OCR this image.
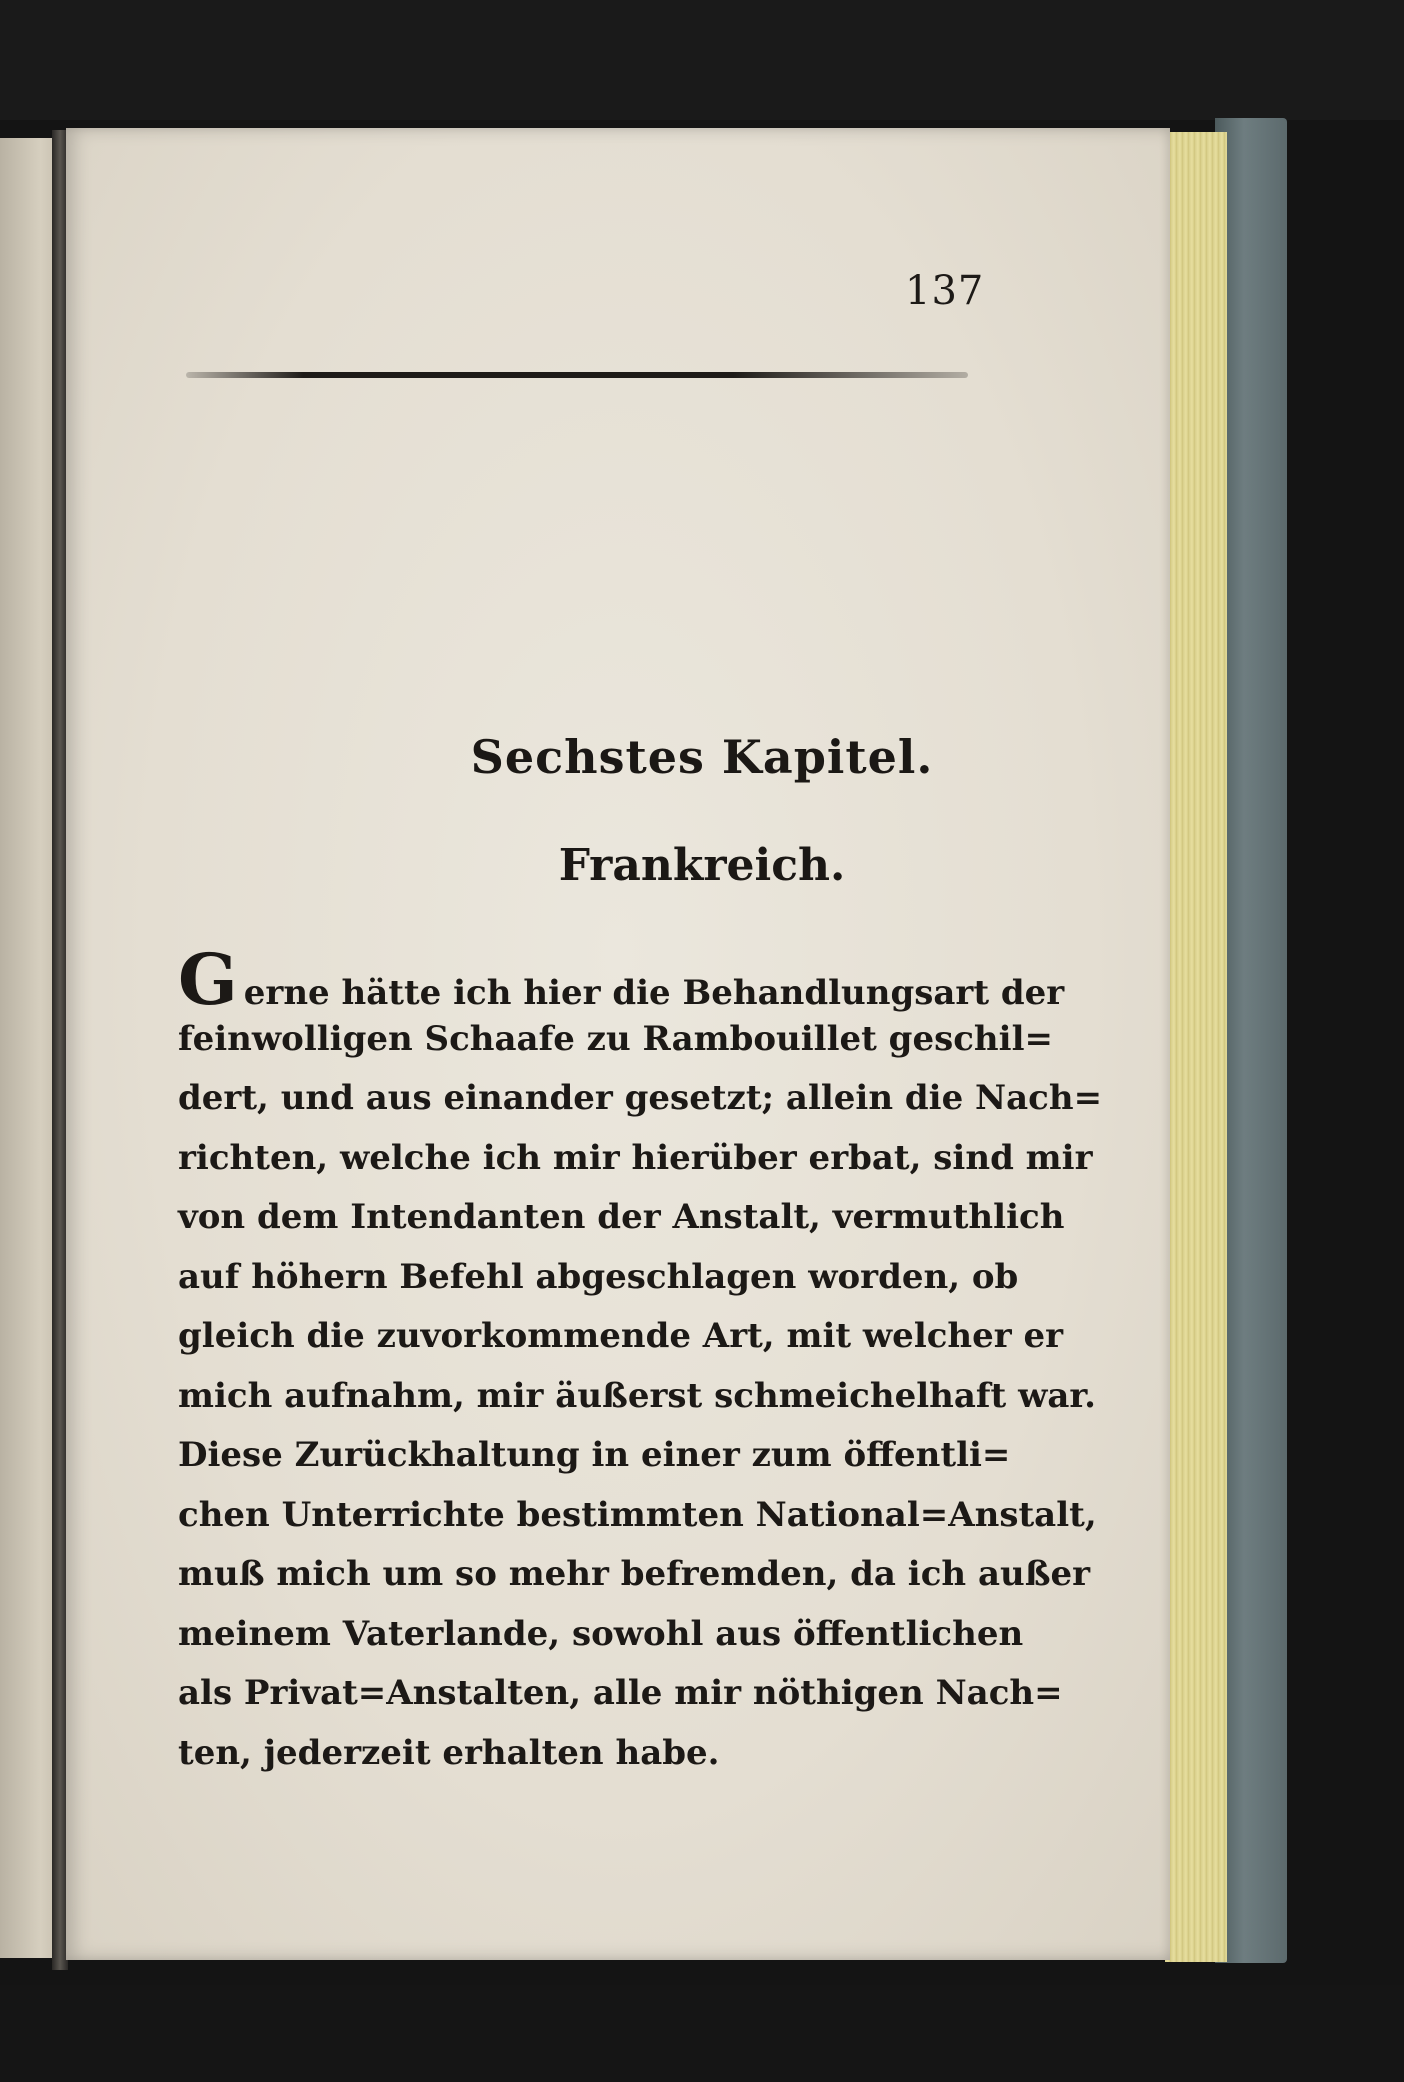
137
Sechstes Kapitel.
Frankreich.
G erne hätte ich hier die Behandlungsart der
feinwolligen Schaafe zu Rambouillet geschil=
dert, und aus einander gesetzt; allein die Nach=
richten, welche ich mir hierüber erbat, sind mir
von dem Intendanten der Anstalt, vermuthlich
auf höhern Befehl abgeschlagen worden, ob
gleich die zuvorkommende Art, mit welcher er
mich aufnahm, mir äußerst schmeichelhaft war.
Diese Zurückhaltung in einer zum öffentli=
chen Unterrichte bestimmten National=Anstalt,
muß mich um so mehr befremden, da ich außer
meinem Vaterlande, sowohl aus öffentlichen
als Privat=Anstalten, alle mir nöthigen Nach=
ten, jederzeit erhalten habe.
